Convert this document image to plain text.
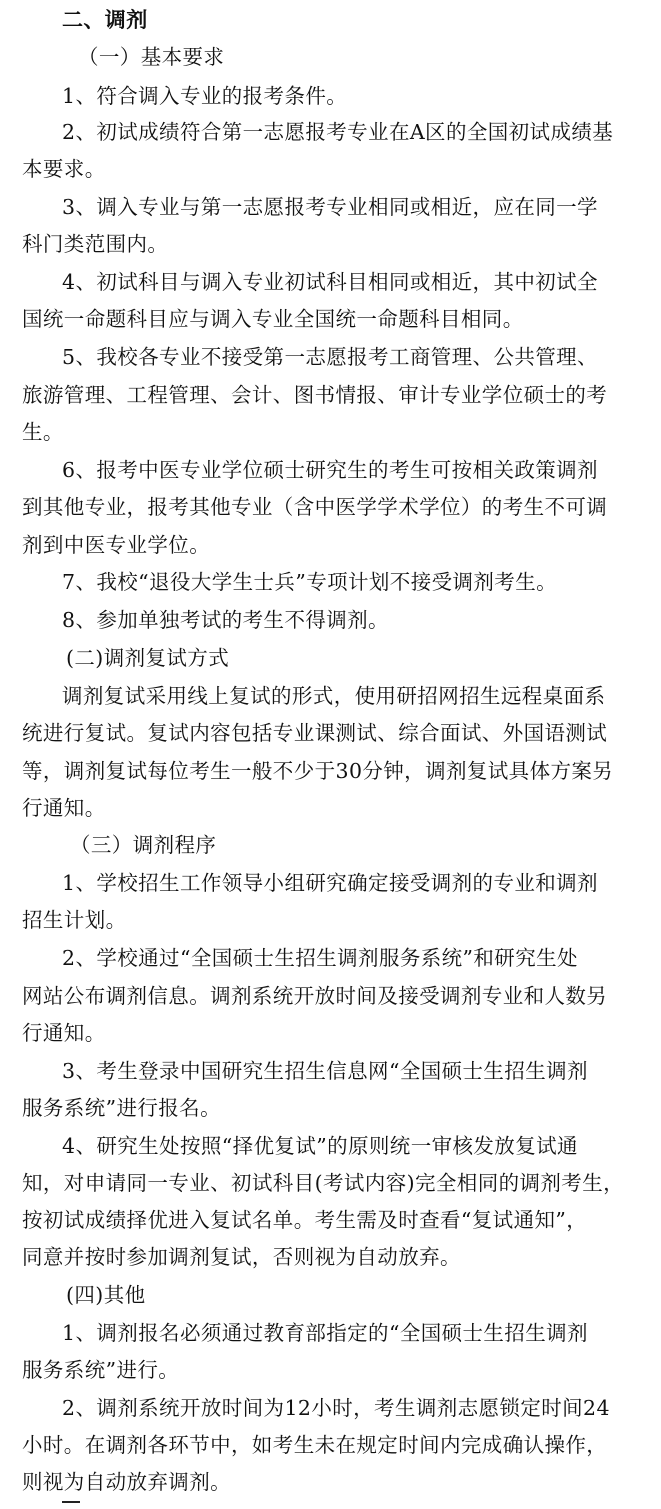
二、调剂
（一）基本要求
1、符合调入专业的报考条件。
2、初试成绩符合第一志愿报考专业在A区的全国初试成绩基
本要求。
3、调入专业与第一志愿报考专业相同或相近，应在同一学
科门类范围内。
4、初试科目与调入专业初试科目相同或相近，其中初试全
国统一命题科目应与调入专业全国统一命题科目相同。
5、我校各专业不接受第一志愿报考工商管理、公共管理、
旅游管理、工程管理、会计、图书情报、审计专业学位硕士的考
生。
6、报考中医专业学位硕士研究生的考生可按相关政策调剂
到其他专业，报考其他专业（含中医学学术学位）的考生不可调
剂到中医专业学位。
7、我校“退役大学生士兵”专项计划不接受调剂考生。
8、参加单独考试的考生不得调剂。
(二)调剂复试方式
调剂复试采用线上复试的形式，使用研招网招生远程桌面系
统进行复试。复试内容包括专业课测试、综合面试、外国语测试
等，调剂复试每位考生一般不少于30分钟，调剂复试具体方案另
行通知。
（三）调剂程序
1、学校招生工作领导小组研究确定接受调剂的专业和调剂
招生计划。
2、学校通过“全国硕士生招生调剂服务系统”和研究生处
网站公布调剂信息。调剂系统开放时间及接受调剂专业和人数另
行通知。
3、考生登录中国研究生招生信息网“全国硕士生招生调剂
服务系统”进行报名。
4、研究生处按照“择优复试”的原则统一审核发放复试通
知，对申请同一专业、初试科目(考试内容)完全相同的调剂考生，
按初试成绩择优进入复试名单。考生需及时查看“复试通知”，
同意并按时参加调剂复试，否则视为自动放弃。
(四)其他
1、调剂报名必须通过教育部指定的“全国硕士生招生调剂
服务系统”进行。
2、调剂系统开放时间为12小时，考生调剂志愿锁定时间24
小时。在调剂各环节中，如考生未在规定时间内完成确认操作，
则视为自动放弃调剂。
